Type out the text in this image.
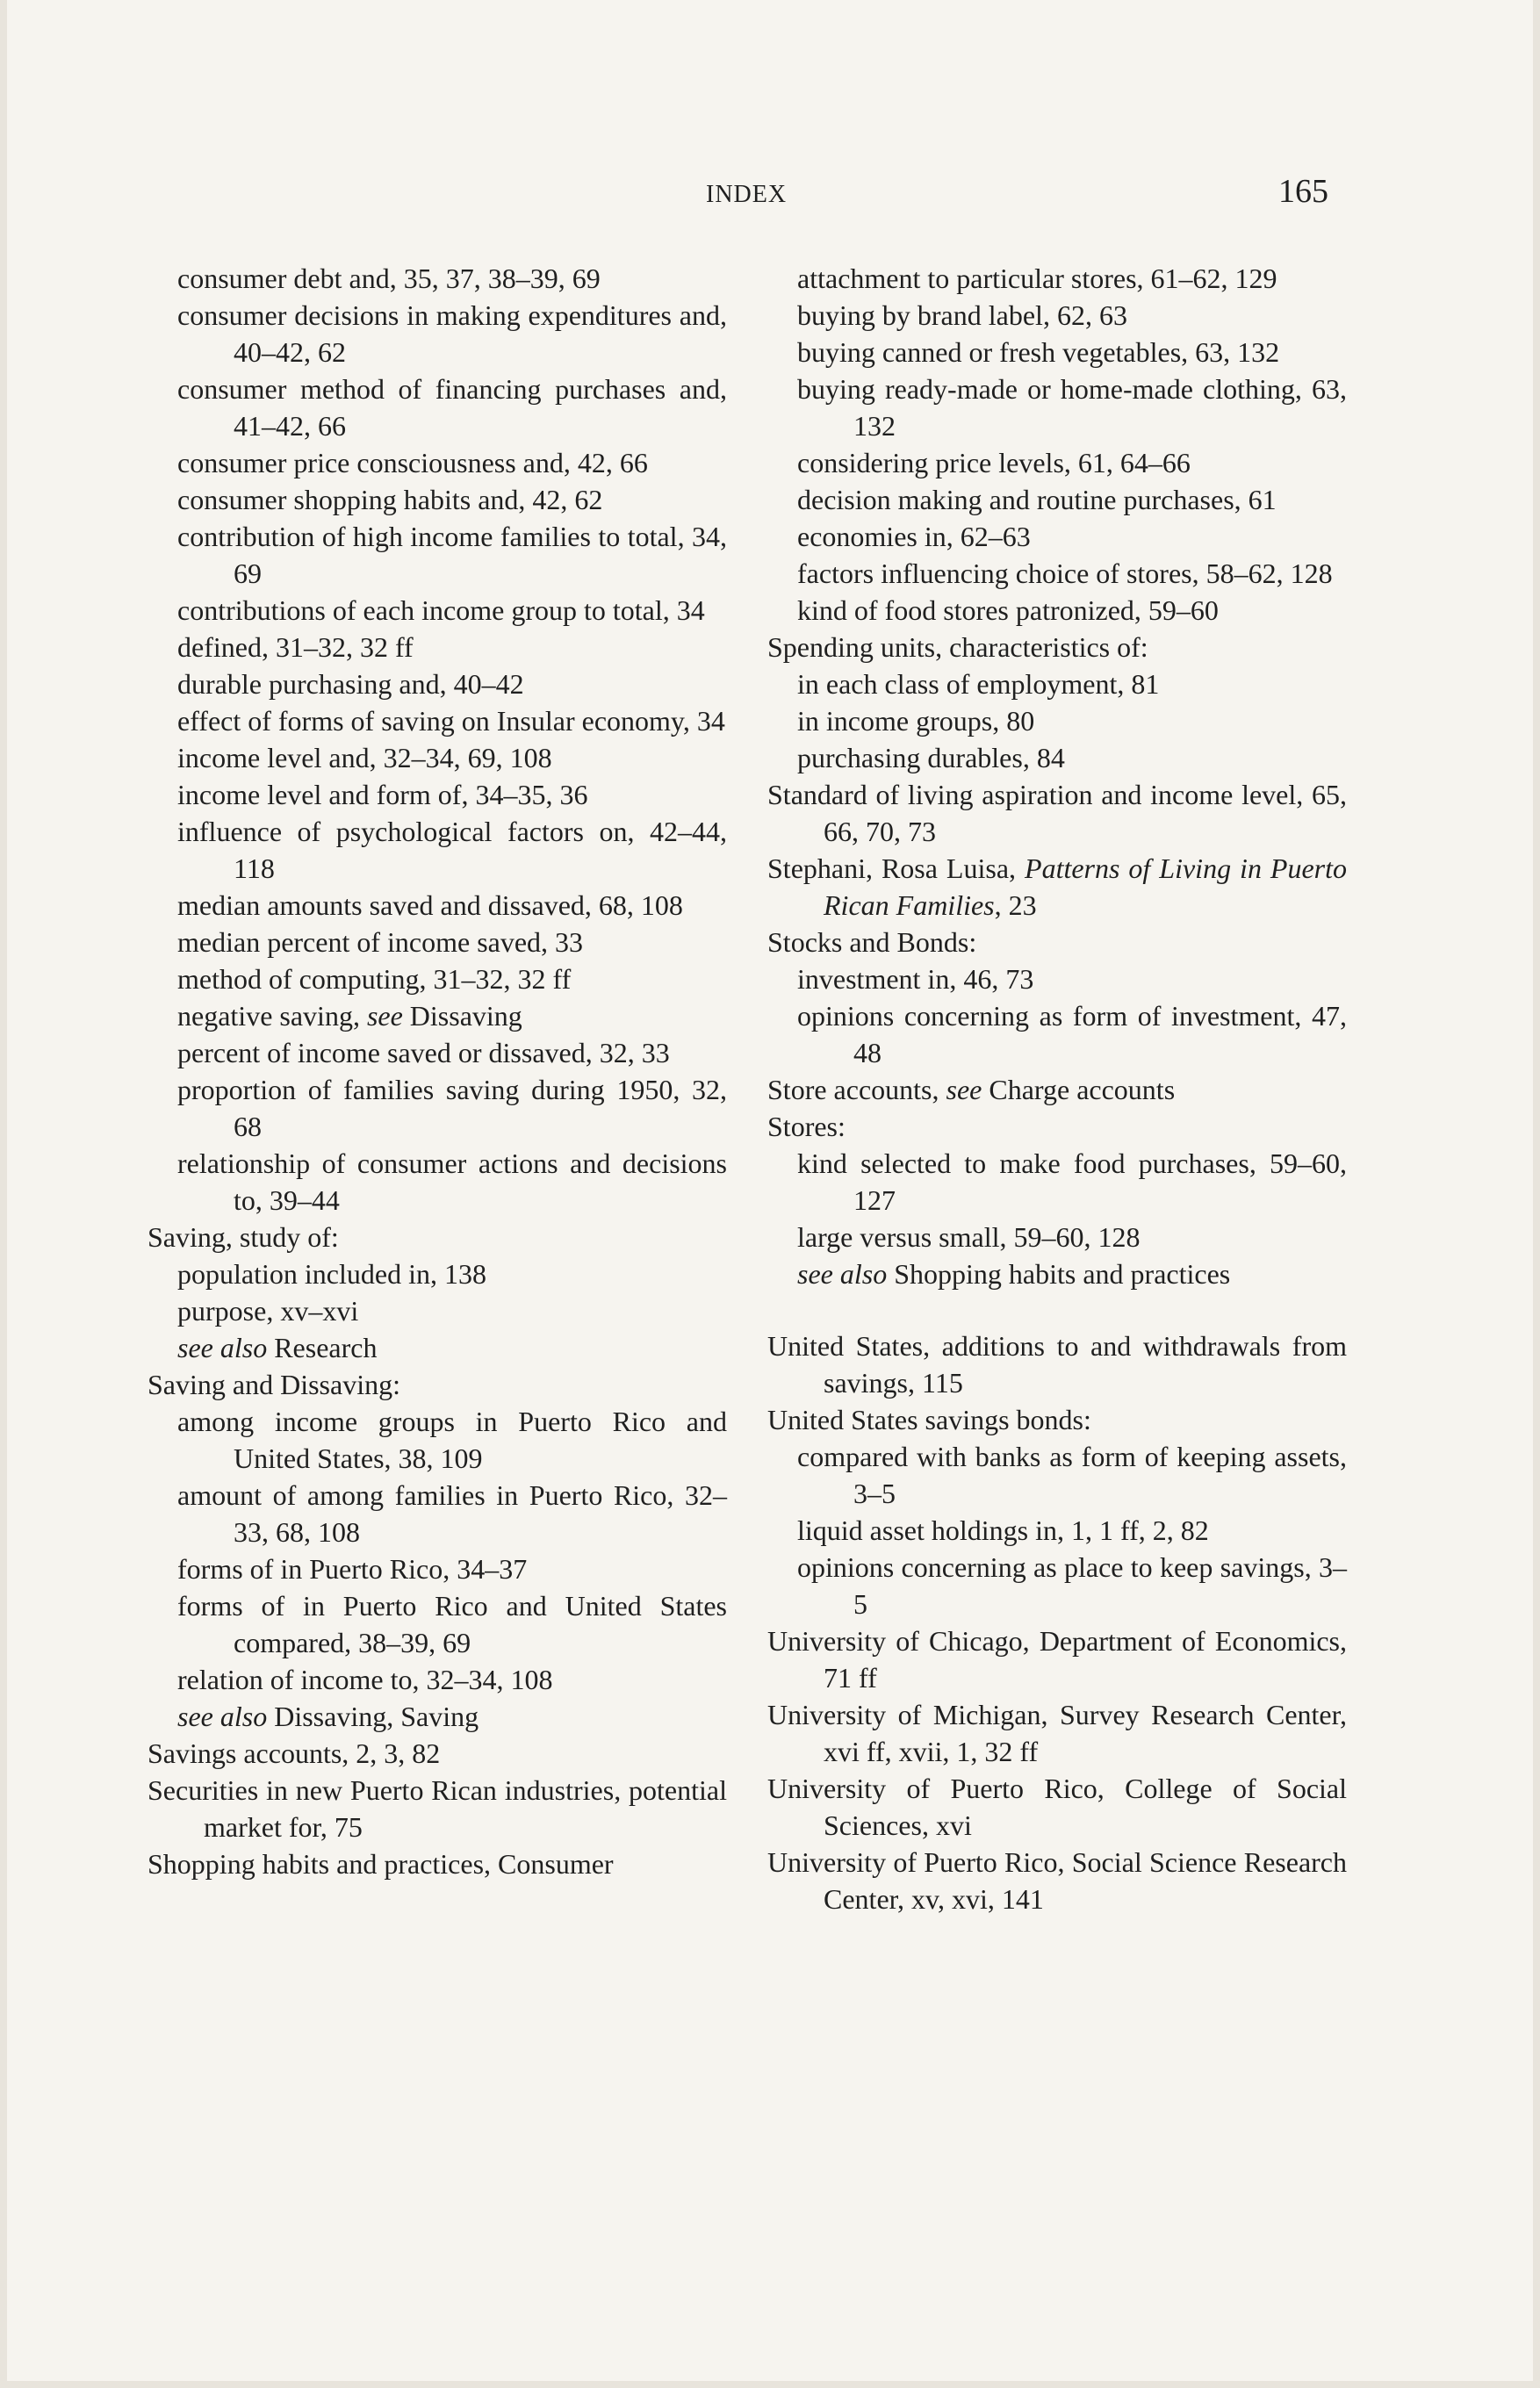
INDEX	165

consumer debt and, 35, 37, 38–39, 69

consumer decisions in making expenditures and, 40–42, 62

consumer method of financing purchases and, 41–42, 66

consumer price consciousness and, 42, 66

consumer shopping habits and, 42, 62

contribution of high income families to total, 34, 69

contributions of each income group to total, 34

defined, 31–32, 32 ff

durable purchasing and, 40–42

effect of forms of saving on Insular economy, 34

income level and, 32–34, 69, 108

income level and form of, 34–35, 36

influence of psychological factors on, 42–44, 118

median amounts saved and dissaved, 68, 108

median percent of income saved, 33

method of computing, 31–32, 32 ff

negative saving, see Dissaving

percent of income saved or dissaved, 32, 33

proportion of families saving during 1950, 32, 68

relationship of consumer actions and decisions to, 39–44

Saving, study of:

population included in, 138

purpose, xv–xvi

see also Research

Saving and Dissaving:

among income groups in Puerto Rico and United States, 38, 109

amount of among families in Puerto Rico, 32–33, 68, 108

forms of in Puerto Rico, 34–37

forms of in Puerto Rico and United States compared, 38–39, 69

relation of income to, 32–34, 108

see also Dissaving, Saving

Savings accounts, 2, 3, 82

Securities in new Puerto Rican industries, potential market for, 75

Shopping habits and practices, Consumer

attachment to particular stores, 61–62, 129

buying by brand label, 62, 63

buying canned or fresh vegetables, 63, 132

buying ready-made or home-made clothing, 63, 132

considering price levels, 61, 64–66

decision making and routine purchases, 61

economies in, 62–63

factors influencing choice of stores, 58–62, 128

kind of food stores patronized, 59–60

Spending units, characteristics of:

in each class of employment, 81

in income groups, 80

purchasing durables, 84

Standard of living aspiration and income level, 65, 66, 70, 73

Stephani, Rosa Luisa, Patterns of Living in Puerto Rican Families, 23

Stocks and Bonds:

investment in, 46, 73

opinions concerning as form of investment, 47, 48

Store accounts, see Charge accounts

Stores:

kind selected to make food purchases, 59–60, 127

large versus small, 59–60, 128

see also Shopping habits and practices

United States, additions to and withdrawals from savings, 115

United States savings bonds:

compared with banks as form of keeping assets, 3–5

liquid asset holdings in, 1, 1 ff, 2, 82

opinions concerning as place to keep savings, 3–5

University of Chicago, Department of Economics, 71 ff

University of Michigan, Survey Research Center, xvi ff, xvii, 1, 32 ff

University of Puerto Rico, College of Social Sciences, xvi

University of Puerto Rico, Social Science Research Center, xv, xvi, 141
